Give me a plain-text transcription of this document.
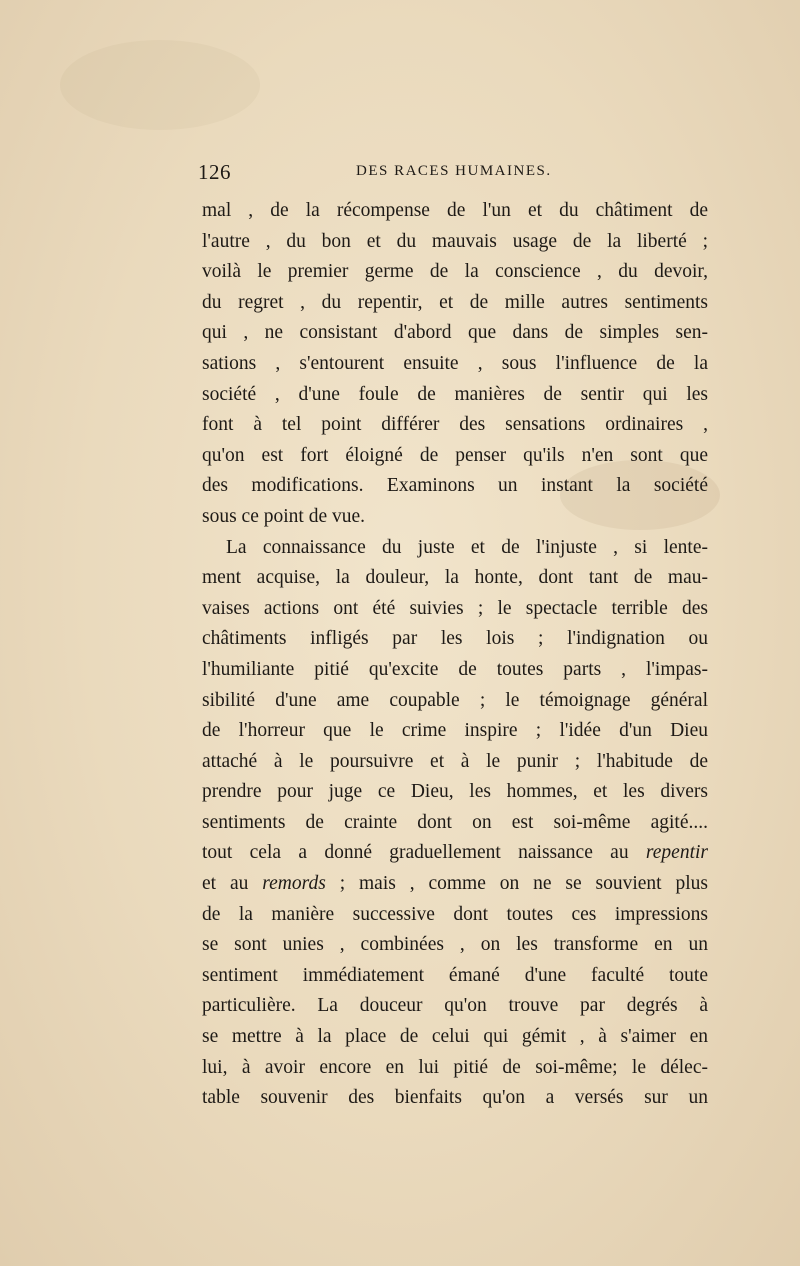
126	DES RACES HUMAINES.
mal , de la récompense de l'un et du châtiment de
l'autre , du bon et du mauvais usage de la liberté ;
voilà le premier germe de la conscience , du devoir,
du regret , du repentir, et de mille autres sentiments
qui , ne consistant d'abord que dans de simples sen-
sations , s'entourent ensuite , sous l'influence de la
société , d'une foule de manières de sentir qui les
font à tel point différer des sensations ordinaires ,
qu'on est fort éloigné de penser qu'ils n'en sont que
des modifications. Examinons un instant la société
sous ce point de vue.
La connaissance du juste et de l'injuste , si lente-
ment acquise, la douleur, la honte, dont tant de mau-
vaises actions ont été suivies ; le spectacle terrible des
châtiments infligés par les lois ; l'indignation ou
l'humiliante pitié qu'excite de toutes parts , l'impas-
sibilité d'une ame coupable ; le témoignage général
de l'horreur que le crime inspire ; l'idée d'un Dieu
attaché à le poursuivre et à le punir ; l'habitude de
prendre pour juge ce Dieu, les hommes, et les divers
sentiments de crainte dont on est soi-même agité....
tout cela a donné graduellement naissance au repentir
et au remords ; mais , comme on ne se souvient plus
de la manière successive dont toutes ces impressions
se sont unies , combinées , on les transforme en un
sentiment immédiatement émané d'une faculté toute
particulière. La douceur qu'on trouve par degrés à
se mettre à la place de celui qui gémit , à s'aimer en
lui, à avoir encore en lui pitié de soi-même; le délec-
table souvenir des bienfaits qu'on a versés sur un
